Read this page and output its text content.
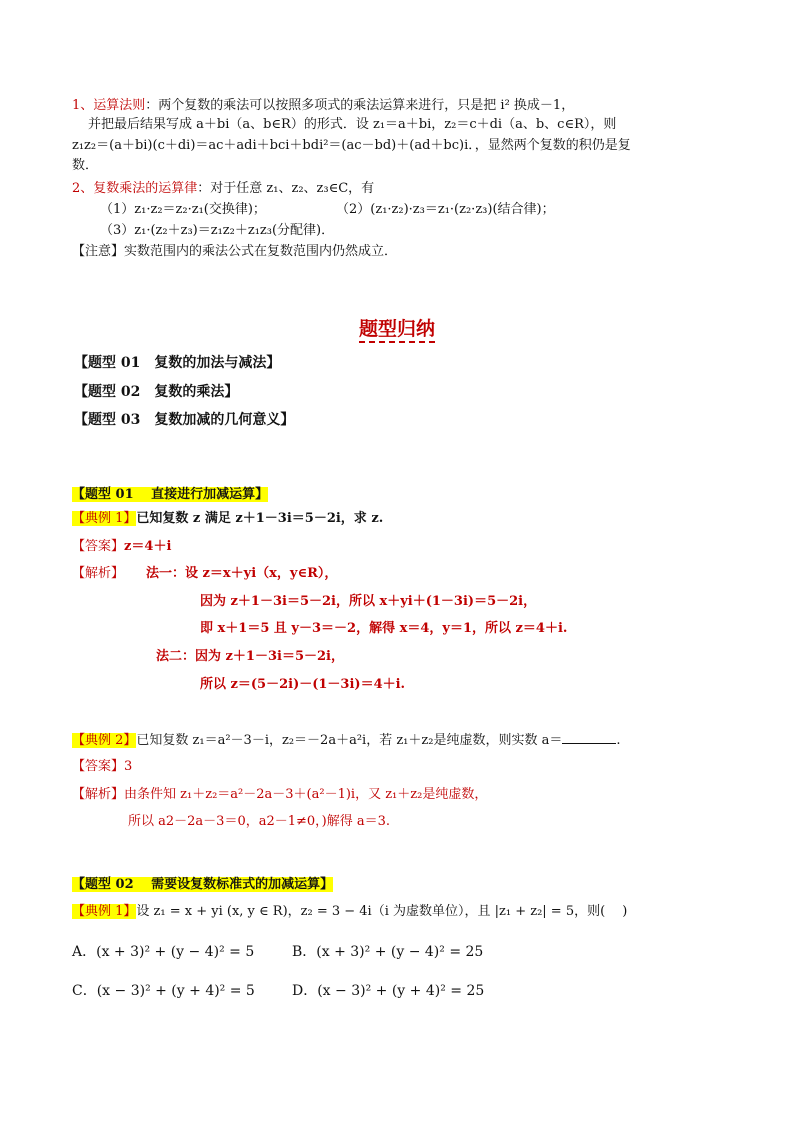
1、运算法则：两个复数的乘法可以按照多项式的乘法运算来进行，只是把 i² 换成－1，
并把最后结果写成 a＋bi（a、b∈R）的形式．设 z₁＝a＋bi，z₂＝c＋di（a、b、c∈R），则
z₁z₂＝(a＋bi)(c＋di)＝ac＋adi＋bci＋bdi²＝(ac－bd)＋(ad＋bc)i．，显然两个复数的积仍是复
数．
2、复数乘法的运算律：对于任意 z₁、z₂、z₃∈C，有
（1）z₁·z₂＝z₂·z₁(交换律)；	（2）(z₁·z₂)·z₃＝z₁·(z₂·z₃)(结合律)；
（3）z₁·(z₂＋z₃)＝z₁z₂＋z₁z₃(分配律)．
【注意】实数范围内的乘法公式在复数范围内仍然成立．
题型归纳
【题型 01　复数的加法与减法】
【题型 02　复数的乘法】
【题型 03　复数加减的几何意义】
【题型 01　 直接进行加减运算】
【典例 1】已知复数 z 满足 z＋1－3i＝5－2i，求 z.
【答案】z＝4＋i
【解析】 法一：设 z＝x＋yi（x，y∈R），
因为 z＋1－3i＝5－2i，所以 x＋yi＋(1－3i)＝5－2i，
即 x＋1＝5 且 y－3＝－2，解得 x＝4，y＝1，所以 z＝4＋i.
法二：因为 z＋1－3i＝5－2i，
所以 z＝(5－2i)－(1－3i)＝4＋i.
【典例 2】已知复数 z₁＝a²－3－i，z₂＝－2a＋a²i，若 z₁＋z₂是纯虚数，则实数 a＝	.
【答案】3
【解析】由条件知 z₁＋z₂＝a²－2a－3＋(a²－1)i，又 z₁＋z₂是纯虚数，
所以 a2－2a－3＝0，a2－1≠0，)解得 a＝3.
【题型 02　 需要设复数标准式的加减运算】
【典例 1】设 z₁ = x + yi (x, y ∈ R)，z₂ = 3 − 4i（i 为虚数单位），且 |z₁ + z₂| = 5，则(　 )
A．(x + 3)² + (y − 4)² = 5	B．(x + 3)² + (y − 4)² = 25
C．(x − 3)² + (y + 4)² = 5	D．(x − 3)² + (y + 4)² = 25
